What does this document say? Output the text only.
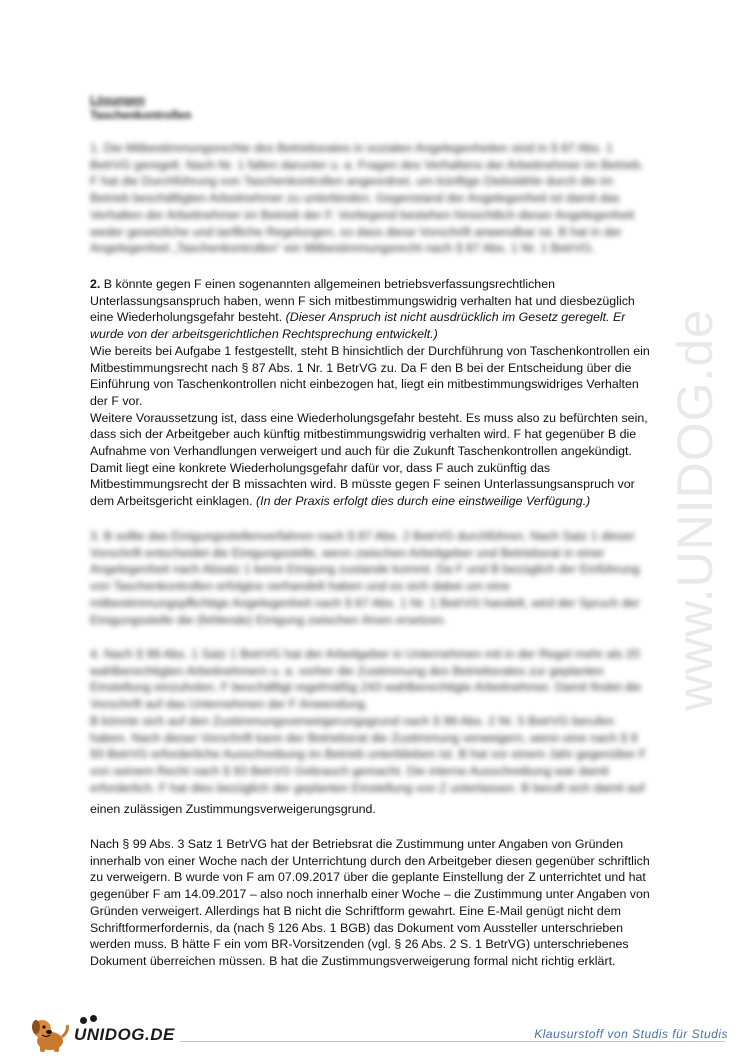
www.UNIDOG.de
Lösungen
Taschenkontrollen
1. Die Mitbestimmungsrechte des Betriebsrates in sozialen Angelegenheiten sind in § 87 Abs. 1
BetrVG geregelt. Nach Nr. 1 fallen darunter u. a. Fragen des Verhaltens der Arbeitnehmer im Betrieb.
F hat die Durchführung von Taschenkontrollen angeordnet, um künftige Diebstähle durch die im
Betrieb beschäftigten Arbeitnehmer zu unterbinden. Gegenstand der Angelegenheit ist damit das
Verhalten der Arbeitnehmer im Betrieb der F. Vorliegend bestehen hinsichtlich dieser Angelegenheit
weder gesetzliche und tarifliche Regelungen, so dass diese Vorschrift anwendbar ist. B hat in der
Angelegenheit „Taschenkontrollen“ ein Mitbestimmungsrecht nach § 87 Abs. 1 Nr. 1 BetrVG.

2. B könnte gegen F einen sogenannten allgemeinen betriebsverfassungsrechtlichen Unterlassungsanspruch haben, wenn F sich mitbestimmungswidrig verhalten hat und diesbezüglich eine Wiederholungsgefahr besteht. (Dieser Anspruch ist nicht ausdrücklich im Gesetz geregelt. Er wurde von der arbeitsgerichtlichen Rechtsprechung entwickelt.)

Wie bereits bei Aufgabe 1 festgestellt, steht B hinsichtlich der Durchführung von Taschenkontrollen ein Mitbestimmungsrecht nach § 87 Abs. 1 Nr. 1 BetrVG zu. Da F den B bei der Entscheidung über die Einführung von Taschenkontrollen nicht einbezogen hat, liegt ein mitbestimmungswidriges Verhalten der F vor.

Weitere Voraussetzung ist, dass eine Wiederholungsgefahr besteht. Es muss also zu befürchten sein, dass sich der Arbeitgeber auch künftig mitbestimmungswidrig verhalten wird. F hat gegenüber B die Aufnahme von Verhandlungen verweigert und auch für die Zukunft Taschenkontrollen angekündigt. Damit liegt eine konkrete Wiederholungsgefahr dafür vor, dass F auch zukünftig das Mitbestimmungsrecht der B missachten wird. B müsste gegen F seinen Unterlassungsanspruch vor dem Arbeitsgericht einklagen. (In der Praxis erfolgt dies durch eine einstweilige Verfügung.)

3. B sollte das Einigungsstellenverfahren nach § 87 Abs. 2 BetrVG durchführen. Nach Satz 1 dieser
Vorschrift entscheidet die Einigungsstelle, wenn zwischen Arbeitgeber und Betriebsrat in einer
Angelegenheit nach Absatz 1 keine Einigung zustande kommt. Da F und B bezüglich der Einführung
von Taschenkontrollen erfolglos verhandelt haben und es sich dabei um eine
mitbestimmungspflichtige Angelegenheit nach § 87 Abs. 1 Nr. 1 BetrVG handelt, wird der Spruch der
Einigungsstelle die (fehlende) Einigung zwischen ihnen ersetzen.
4. Nach § 99 Abs. 1 Satz 1 BetrVG hat der Arbeitgeber in Unternehmen mit in der Regel mehr als 20
wahlberechtigten Arbeitnehmern u. a. vorher die Zustimmung des Betriebsrates zur geplanten
Einstellung einzuholen. F beschäftigt regelmäßig 243 wahlberechtigte Arbeitnehmer. Damit findet die
Vorschrift auf das Unternehmen der F Anwendung.
B könnte sich auf den Zustimmungsverweigerungsgrund nach § 99 Abs. 2 Nr. 5 BetrVG berufen
haben. Nach dieser Vorschrift kann der Betriebsrat die Zustimmung verweigern, wenn eine nach § 9
93 BetrVG erforderliche Ausschreibung im Betrieb unterblieben ist. B hat vor einem Jahr gegenüber F
von seinem Recht nach § 93 BetrVG Gebrauch gemacht. Die interne Ausschreibung war damit
erforderlich. F hat dies bezüglich der geplanten Einstellung von Z unterlassen. B beruft sich damit auf
einen zulässigen Zustimmungsverweigerungsgrund.

Nach § 99 Abs. 3 Satz 1 BetrVG hat der Betriebsrat die Zustimmung unter Angaben von Gründen innerhalb von einer Woche nach der Unterrichtung durch den Arbeitgeber diesen gegenüber schriftlich zu verweigern. B wurde von F am 07.09.2017 über die geplante Einstellung der Z unterrichtet und hat gegenüber F am 14.09.2017 – also noch innerhalb einer Woche – die Zustimmung unter Angaben von Gründen verweigert. Allerdings hat B nicht die Schriftform gewahrt. Eine E-Mail genügt nicht dem Schriftformerfordernis, da (nach § 126 Abs. 1 BGB) das Dokument vom Aussteller unterschrieben werden muss. B hätte F ein vom BR-Vorsitzenden (vgl. § 26 Abs. 2 S. 1 BetrVG) unterschriebenes Dokument überreichen müssen. B hat die Zustimmungsverweigerung formal nicht richtig erklärt.

UNIDOG.DE	Klausurstoff von Studis für Studis
